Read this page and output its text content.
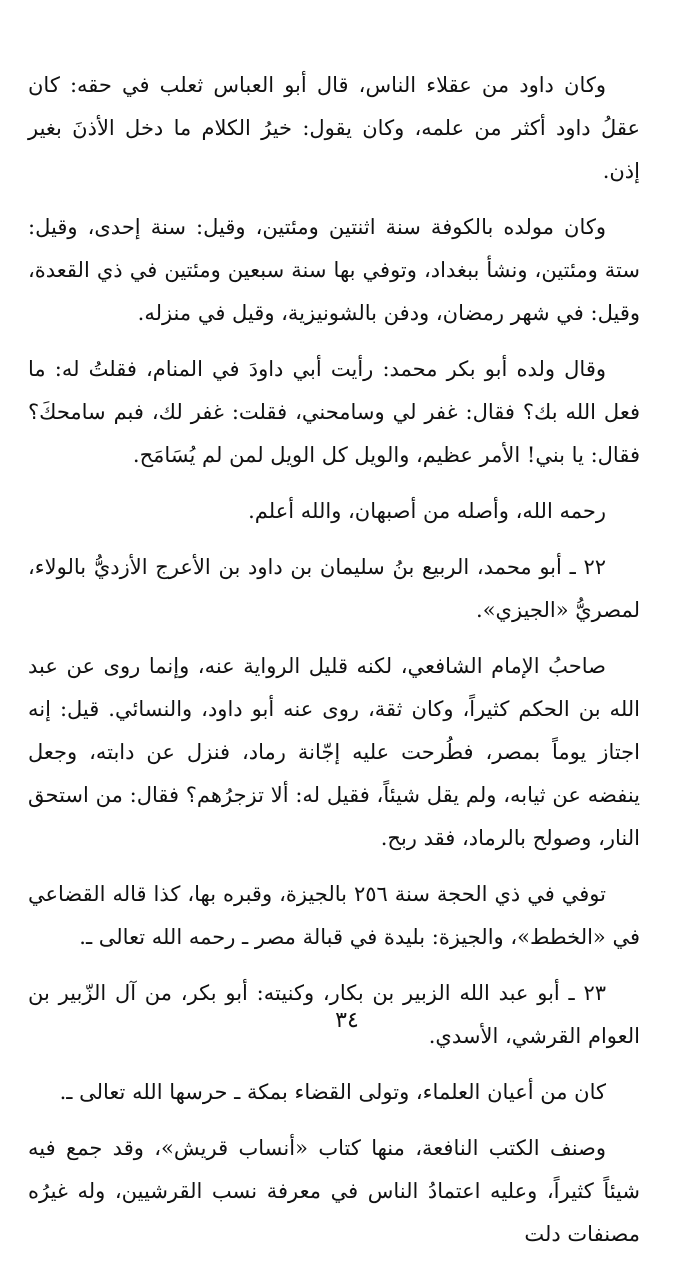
وكان داود من عقلاء الناس، قال أبو العباس ثعلب في حقه: كان عقلُ داود أكثر من علمه، وكان يقول: خيرُ الكلام ما دخل الأذنَ بغير إذن.

وكان مولده بالكوفة سنة اثنتين ومئتين، وقيل: سنة إحدى، وقيل: ستة ومئتين، ونشأ ببغداد، وتوفي بها سنة سبعين ومئتين في ذي القعدة، وقيل: في شهر رمضان، ودفن بالشونيزية، وقيل في منزله.

وقال ولده أبو بكر محمد: رأيت أبي داودَ في المنام، فقلتُ له: ما فعل الله بك؟ فقال: غفر لي وسامحني، فقلت: غفر لك، فبم سامحكَ؟ فقال: يا بني! الأمر عظيم، والويل كل الويل لمن لم يُسَامَح.

رحمه الله، وأصله من أصبهان، والله أعلم.

٢٢ ـ أبو محمد، الربيع بنُ سليمان بن داود بن الأعرج الأزديُّ بالولاء، لمصريُّ «الجيزي».

صاحبُ الإمام الشافعي، لكنه قليل الرواية عنه، وإنما روى عن عبد الله بن الحكم كثيراً، وكان ثقة، روى عنه أبو داود، والنسائي. قيل: إنه اجتاز يوماً بمصر، فطُرحت عليه إجّانة رماد، فنزل عن دابته، وجعل ينفضه عن ثيابه، ولم يقل شيئاً، فقيل له: ألا تزجرُهم؟ فقال: من استحق النار، وصولح بالرماد، فقد ربح.

توفي في ذي الحجة سنة ٢٥٦ بالجيزة، وقبره بها، كذا قاله القضاعي في «الخطط»، والجيزة: بليدة في قبالة مصر ـ رحمه الله تعالى ـ.

٢٣ ـ أبو عبد الله الزبير بن بكار، وكنيته: أبو بكر، من آل الزّبير بن العوام القرشي، الأسدي.

كان من أعيان العلماء، وتولى القضاء بمكة ـ حرسها الله تعالى ـ.

وصنف الكتب النافعة، منها كتاب «أنساب قريش»، وقد جمع فيه شيئاً كثيراً، وعليه اعتمادُ الناس في معرفة نسب القرشيين، وله غيرُه مصنفات دلت

٣٤
